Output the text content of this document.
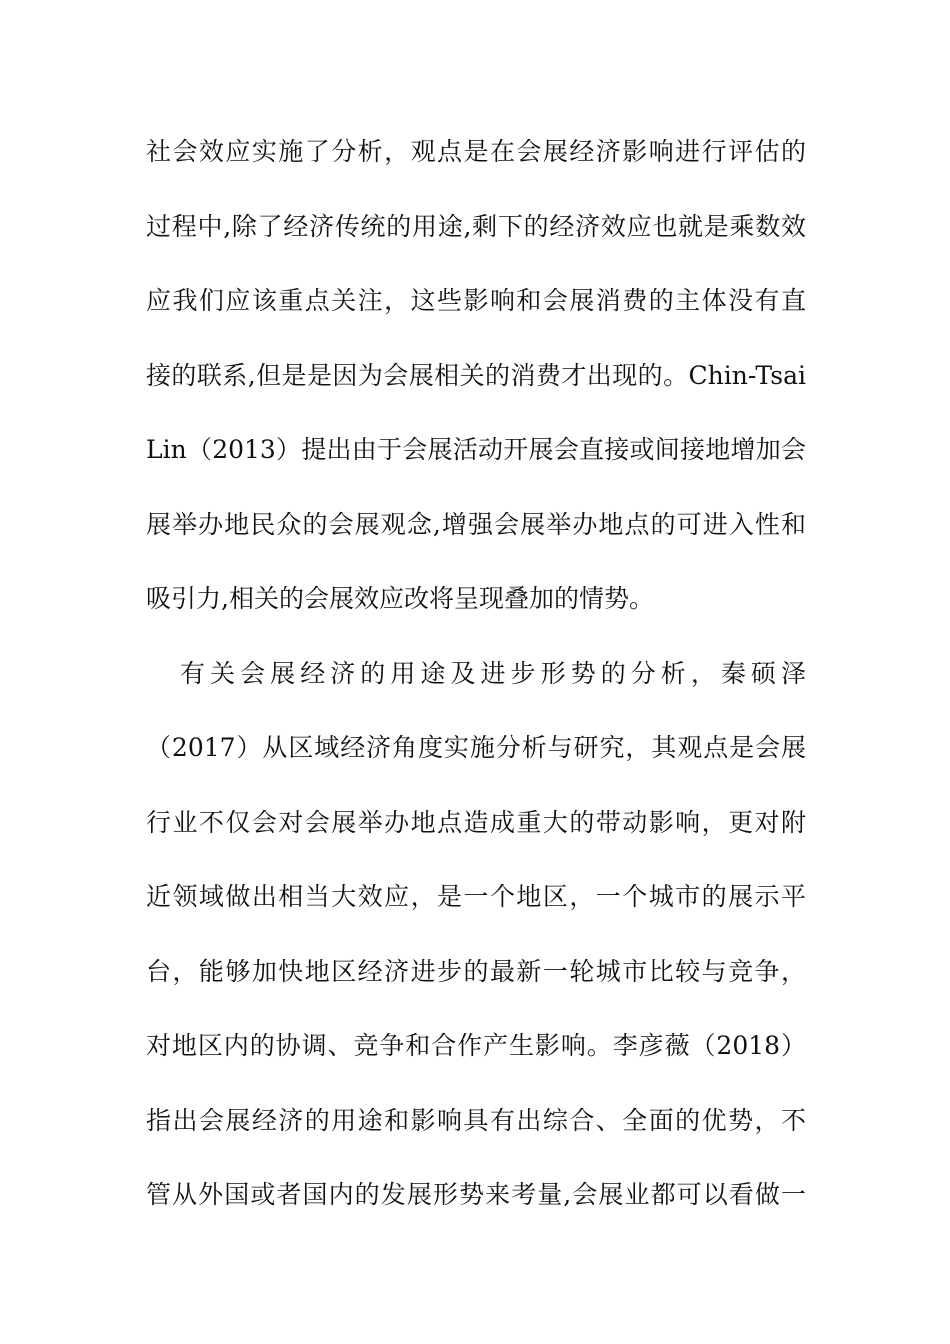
社会效应实施了分析，观点是在会展经济影响进行评估的
过程中,除了经济传统的用途,剩下的经济效应也就是乘数效
应我们应该重点关注，这些影响和会展消费的主体没有直
接的联系,但是是因为会展相关的消费才出现的。Chin-Tsai
Lin（2013）提出由于会展活动开展会直接或间接地增加会
展举办地民众的会展观念,增强会展举办地点的可进入性和
吸引力,相关的会展效应改将呈现叠加的情势。
有关会展经济的用途及进步形势的分析，秦硕泽
（2017）从区域经济角度实施分析与研究，其观点是会展
行业不仅会对会展举办地点造成重大的带动影响，更对附
近领域做出相当大效应，是一个地区，一个城市的展示平
台，能够加快地区经济进步的最新一轮城市比较与竞争，
对地区内的协调、竞争和合作产生影响。李彦薇（2018）
指出会展经济的用途和影响具有出综合、全面的优势，不
管从外国或者国内的发展形势来考量,会展业都可以看做一
